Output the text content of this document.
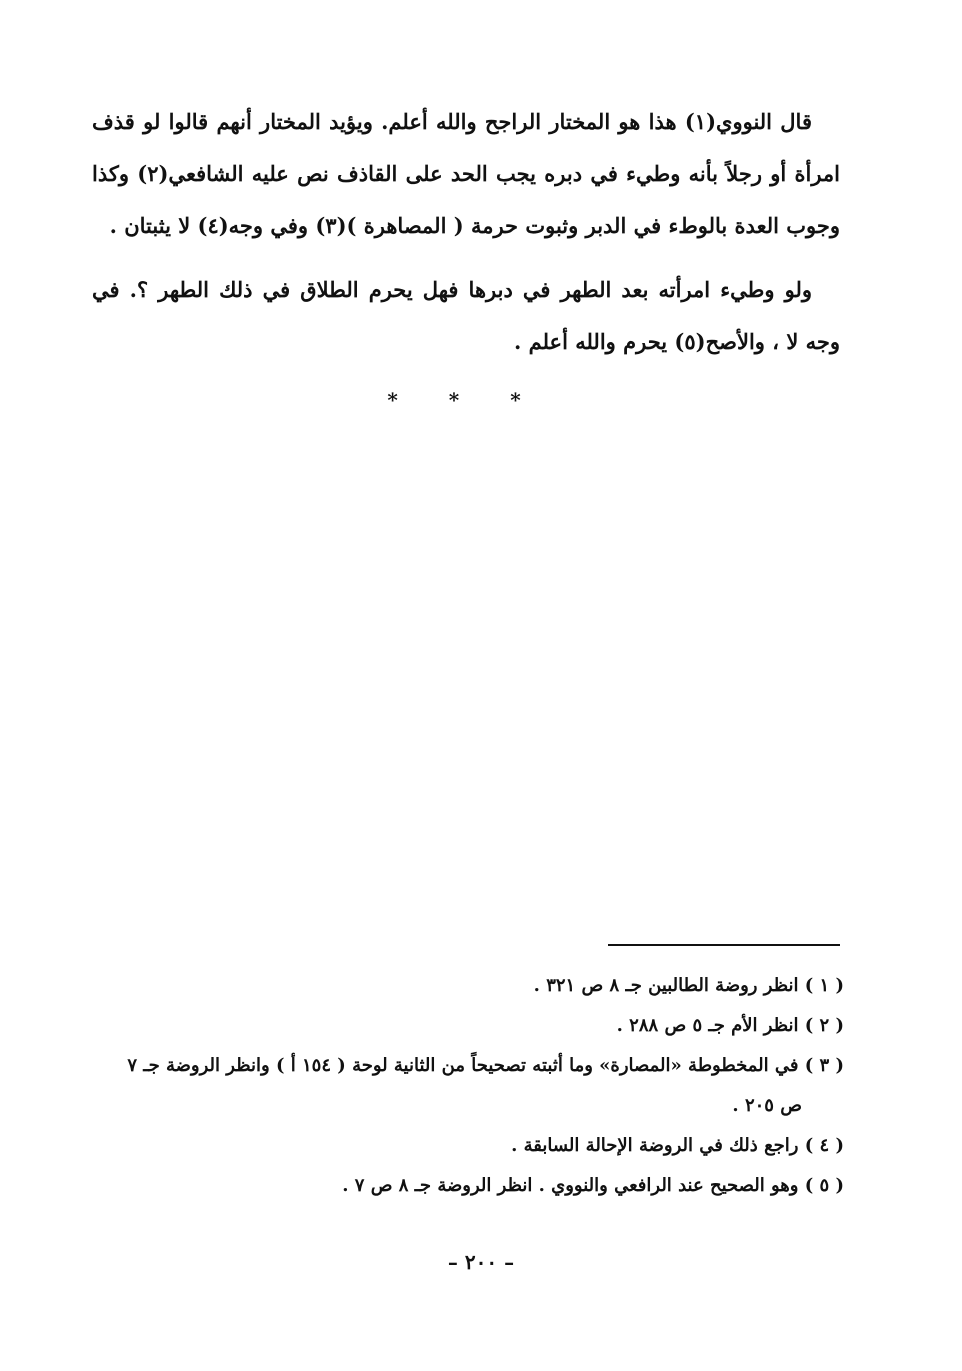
قال النووي(١) هذا هو المختار الراجح والله أعلم. ويؤيد المختار أنهم قالوا لو قذف امرأة أو رجلاً بأنه وطيء في دبره يجب الحد على القاذف نص عليه الشافعي(٢) وكذا وجوب العدة بالوطء في الدبر وثبوت حرمة ( المصاهرة )(٣) وفي وجه(٤) لا يثبتان .

ولو وطيء امرأته بعد الطهر في دبرها فهل يحرم الطلاق في ذلك الطهر ؟. في وجه لا ، والأصح(٥) يحرم والله أعلم .

* * *

( ١ ) انظر روضة الطالبين جـ ٨ ص ٣٢١ .

( ٢ ) انظر الأم جـ ٥ ص ٢٨٨ .

( ٣ ) في المخطوطة «المصارة» وما أثبته تصحيحاً من الثانية لوحة ( ١٥٤ أ ) وانظر الروضة جـ ٧

ص ٢٠٥ .

( ٤ ) راجع ذلك في الروضة الإحالة السابقة .

( ٥ ) وهو الصحيح عند الرافعي والنووي . انظر الروضة جـ ٨ ص ٧ .

– ٢٠٠ –
